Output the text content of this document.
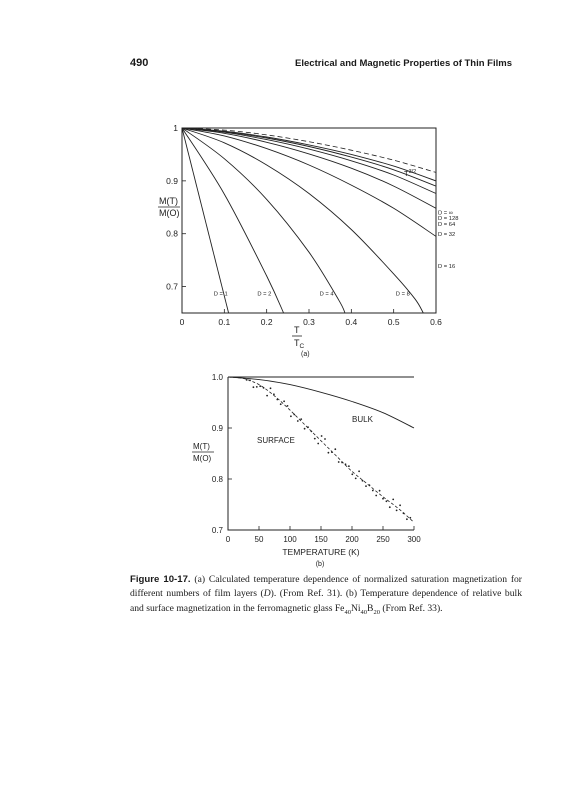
490	Electrical and Magnetic Properties of Thin Films
0	0.1	0.2	0.3	0.4	0.5	0.6
1
0.9
0.8
0.7
D = 1	D = 2	D = 4	D = 8
D = 16
D = 32
D = 64
D = 128
D = ∞
M(T)
M(O)
T
$T_C$
(a)
$T^{3/2}$
0	50 100 150 200 250 300
1.0
0.9
0.8
0.7
BULK
SURFACE
M(T)
M(O)
TEMPERATURE (K)
(b)
Figure 10-17. (a) Calculated temperature dependence of normalized saturation magnetization for different numbers of film layers (D). (From Ref. 31). (b) Temperature dependence of relative bulk and surface magnetization in the ferromagnetic glass $Fe_{40}Ni_{40}B_{20}$ (From Ref. 33).
